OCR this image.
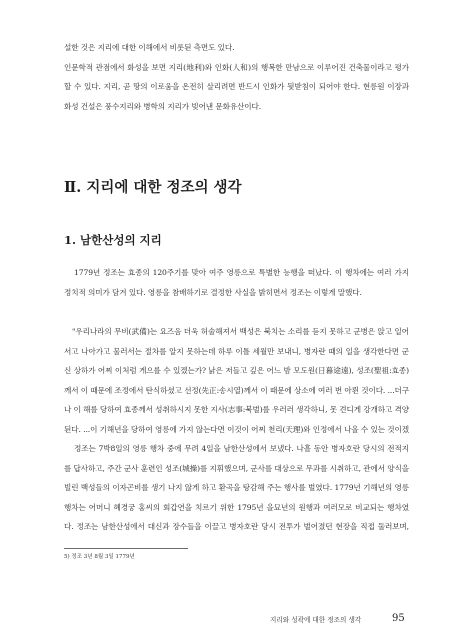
설한 것은 지리에 대한 이해에서 비롯된 측면도 있다.
인문학적 관점에서 화성을 보면 지리(地利)와 인화(人和)의 행복한 만남으로 이루어진 건축물이라고 평가할 수 있다. 지리, 곧 땅의 이로움을 온전히 살리려면 반드시 인화가 뒷받침이 되어야 한다. 현릉원 이장과 화성 건설은 풍수지리와 병학의 지리가 빚어낸 문화유산이다.
Ⅱ. 지리에 대한 정조의 생각
1. 남한산성의 지리
1779년 정조는 효종의 120주기를 맞아 여주 영릉으로 특별한 능행을 떠났다. 이 행차에는 여러 가지 정치적 의미가 담겨 있다. 영릉을 참배하기로 결정한 사실을 밝히면서 정조는 이렇게 말했다.
"우리나라의 무비(武備)는 요즈음 더욱 허술해져서 백성은 북치는 소리를 듣지 못하고 군병은 앉고 일어서고 나아가고 물러서는 절차를 알지 못하는데 하루 이틀 세월만 보내니, 병자란 때의 일을 생각한다면 군신 상하가 어찌 이처럼 게으를 수 있겠는가? 낡은 저들고 깊은 어느 밤 모도원(日暮途遠), 성조(聖祖:효종)께서 이 때문에 조정에서 탄식하셨고 선정(先正:송시열)께서 이 때문에 상소에 여러 번 아뢴 것이다. ...더구나 이 해를 당하여 효종께서 성취하시지 못한 지사(志事:북벌)를 우러러 생각하니, 못 견디게 강개하고 격양된다. ...이 기해년을 당하여 영릉에 가지 않는다면 이것이 어찌 천리(天理)와 인정에서 나올 수 있는 것이겠
정조는 7박8일의 영릉 행차 중에 무려 4일을 남한산성에서 보냈다. 나흘 동안 병자호란 당시의 전적지를 답사하고, 주간 군사 훈련인 성조(城操)를 지휘했으며, 군사를 대상으로 무과를 시취하고, 관에서 양식을 빌린 백성들의 이자곤비를 생기 나지 않게 하고 환곡을 탕감해 주는 행사를 벌였다. 1779년 기해년의 영릉 행차는 어머니 혜경궁 홍씨의 회갑연을 치르기 위한 1795년 을묘년의 원행과 여러모로 비교되는 행차였다. 정조는 남한산성에서 대신과 장수들을 이끌고 병자호란 당시 전투가 벌어졌던 현장을 직접 둘러보며,
5) 정조 3년 8월 3일 1779년
지리와 성곽에 대한 정조의 생각	95
